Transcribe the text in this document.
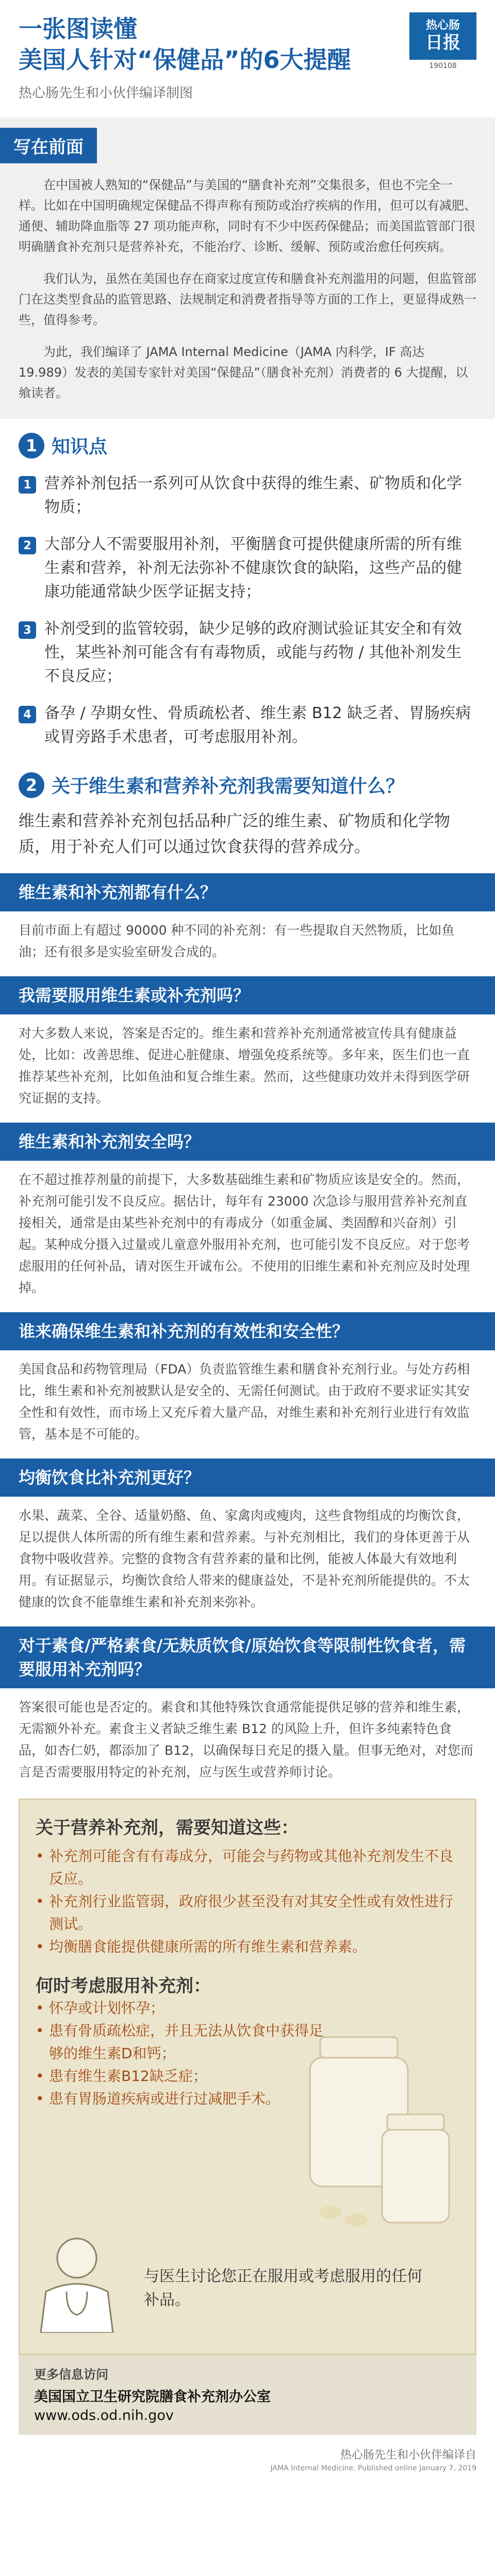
一张图读懂
美国人针对“保健品”的6大提醒
热心肠先生和小伙伴编译制图
热心肠
日报
190108
写在前面

在中国被人熟知的“保健品”与美国的“膳食补充剂”交集很多，但也不完全一样。比如在中国明确规定保健品不得声称有预防或治疗疾病的作用，但可以有减肥、通便、辅助降血脂等 27 项功能声称，同时有不少中医药保健品；而美国监管部门很明确膳食补充剂只是营养补充，不能治疗、诊断、缓解、预防或治愈任何疾病。

我们认为，虽然在美国也存在商家过度宣传和膳食补充剂滥用的问题，但监管部门在这类型食品的监管思路、法规制定和消费者指导等方面的工作上，更显得成熟一些，值得参考。

为此，我们编译了 JAMA Internal Medicine（JAMA 内科学，IF 高达 19.989）发表的美国专家针对美国“保健品”（膳食补充剂）消费者的 6 大提醒，以飨读者。

1 知识点
1 营养补剂包括一系列可从饮食中获得的维生素、矿物质和化学物质；
2 大部分人不需要服用补剂，平衡膳食可提供健康所需的所有维生素和营养，补剂无法弥补不健康饮食的缺陷，这些产品的健康功能通常缺少医学证据支持；
3 补剂受到的监管较弱，缺少足够的政府测试验证其安全和有效性，某些补剂可能含有有毒物质，或能与药物 / 其他补剂发生不良反应；
4 备孕 / 孕期女性、骨质疏松者、维生素 B12 缺乏者、胃肠疾病或胃旁路手术患者，可考虑服用补剂。
2 关于维生素和营养补充剂我需要知道什么？
维生素和营养补充剂包括品种广泛的维生素、矿物质和化学物质，用于补充人们可以通过饮食获得的营养成分。
维生素和补充剂都有什么？
目前市面上有超过 90000 种不同的补充剂：有一些提取自天然物质，比如鱼油；还有很多是实验室研发合成的。
我需要服用维生素或补充剂吗？
对大多数人来说，答案是否定的。维生素和营养补充剂通常被宣传具有健康益处，比如：改善思维、促进心脏健康、增强免疫系统等。多年来，医生们也一直推荐某些补充剂，比如鱼油和复合维生素。然而，这些健康功效并未得到医学研究证据的支持。
维生素和补充剂安全吗？
在不超过推荐剂量的前提下，大多数基础维生素和矿物质应该是安全的。然而，补充剂可能引发不良反应。据估计，每年有 23000 次急诊与服用营养补充剂直接相关，通常是由某些补充剂中的有毒成分（如重金属、类固醇和兴奋剂）引起。某种成分摄入过量或儿童意外服用补充剂，也可能引发不良反应。对于您考虑服用的任何补品，请对医生开诚布公。不使用的旧维生素和补充剂应及时处理掉。
谁来确保维生素和补充剂的有效性和安全性？
美国食品和药物管理局（FDA）负责监管维生素和膳食补充剂行业。与处方药相比，维生素和补充剂被默认是安全的、无需任何测试。由于政府不要求证实其安全性和有效性，而市场上又充斥着大量产品，对维生素和补充剂行业进行有效监管，基本是不可能的。
均衡饮食比补充剂更好？
水果、蔬菜、全谷、适量奶酪、鱼、家禽肉或瘦肉，这些食物组成的均衡饮食，足以提供人体所需的所有维生素和营养素。与补充剂相比，我们的身体更善于从食物中吸收营养。完整的食物含有营养素的量和比例，能被人体最大有效地利用。有证据显示，均衡饮食给人带来的健康益处，不是补充剂所能提供的。不太健康的饮食不能靠维生素和补充剂来弥补。
对于素食/严格素食/无麸质饮食/原始饮食等限制性饮食者，需要服用补充剂吗？
答案很可能也是否定的。素食和其他特殊饮食通常能提供足够的营养和维生素，无需额外补充。素食主义者缺乏维生素 B12 的风险上升，但许多纯素特色食品，如杏仁奶，都添加了 B12，以确保每日充足的摄入量。但事无绝对，对您而言是否需要服用特定的补充剂，应与医生或营养师讨论。
关于营养补充剂，需要知道这些：
• 补充剂可能含有有毒成分，可能会与药物或其他补充剂发生不良反应。
• 补充剂行业监管弱，政府很少甚至没有对其安全性或有效性进行测试。
• 均衡膳食能提供健康所需的所有维生素和营养素。
何时考虑服用补充剂：
• 怀孕或计划怀孕；
• 患有骨质疏松症，并且无法从饮食中获得足够的维生素D和钙；
• 患有维生素B12缺乏症；
• 患有胃肠道疾病或进行过减肥手术。
与医生讨论您正在服用或考虑服用的任何补品。
更多信息访问
美国国立卫生研究院膳食补充剂办公室
www.ods.od.nih.gov
热心肠先生和小伙伴编译自
JAMA Internal Medicine. Published online January 7, 2019
